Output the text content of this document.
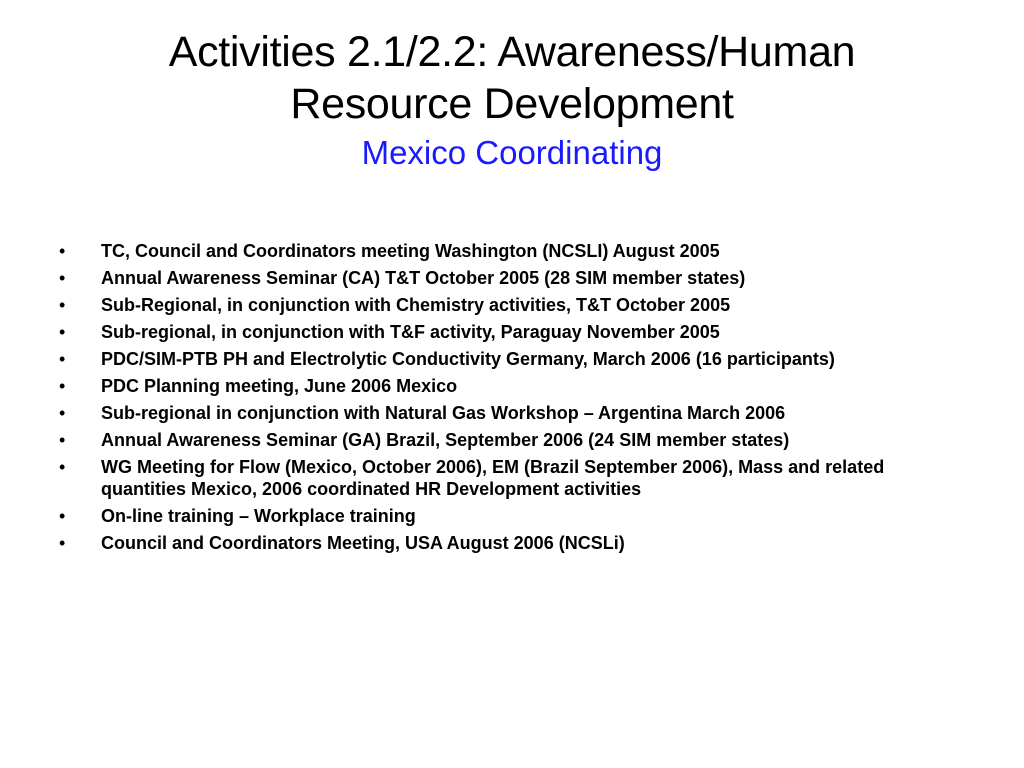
Activities 2.1/2.2: Awareness/Human
Resource Development
Mexico Coordinating
•	TC, Council and Coordinators meeting Washington (NCSLI) August 2005
•	Annual Awareness Seminar (CA) T&T October 2005 (28 SIM member states)
•	Sub-Regional, in conjunction with Chemistry activities, T&T October 2005
•	Sub-regional, in conjunction with T&F activity, Paraguay November 2005
•	PDC/SIM-PTB PH and Electrolytic Conductivity Germany, March 2006 (16 participants)
•	PDC Planning meeting, June 2006 Mexico
•	Sub-regional in conjunction with Natural Gas Workshop – Argentina March 2006
•	Annual Awareness Seminar (GA) Brazil, September 2006 (24 SIM member states)
•	WG Meeting for Flow (Mexico, October 2006), EM (Brazil September 2006), Mass and related quantities Mexico, 2006 coordinated HR Development activities
•	On-line training – Workplace training
•	Council and Coordinators Meeting, USA August 2006 (NCSLi)
